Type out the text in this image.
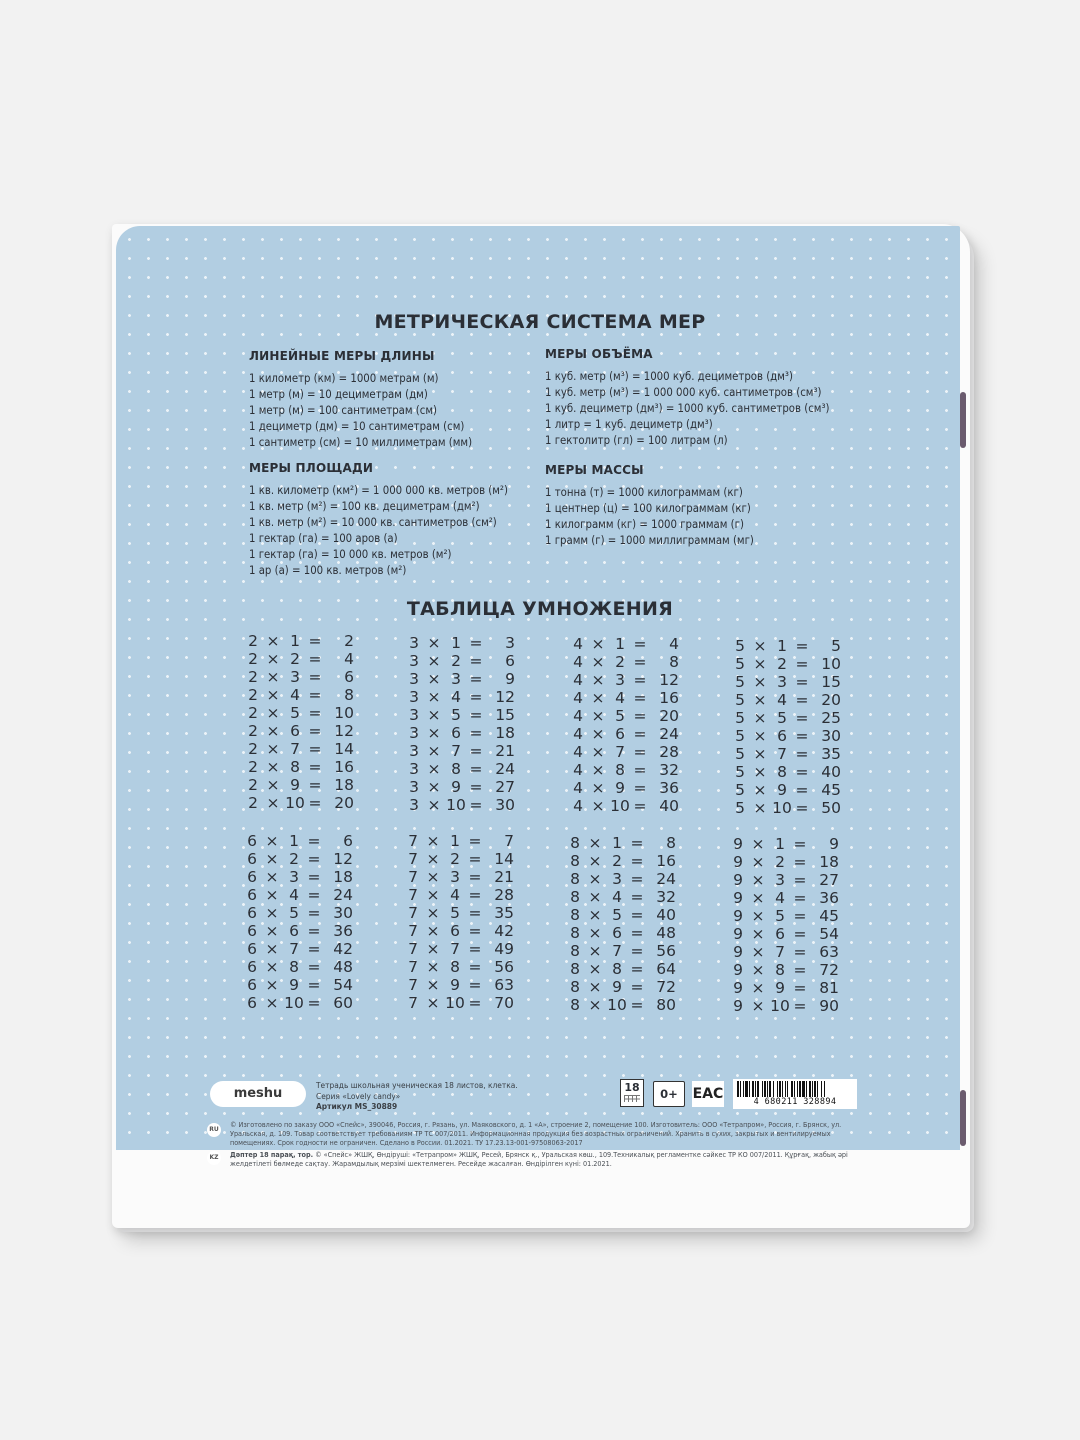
МЕТРИЧЕСКАЯ СИСТЕМА МЕР
ЛИНЕЙНЫЕ МЕРЫ ДЛИНЫ
1 километр (км) = 1000 метрам (м)
1 метр (м) = 10 дециметрам (дм)
1 метр (м) = 100 сантиметрам (см)
1 дециметр (дм) = 10 сантиметрам (см)
1 сантиметр (см) = 10 миллиметрам (мм)
МЕРЫ ПЛОЩАДИ
1 кв. километр (км²) = 1 000 000 кв. метров (м²)
1 кв. метр (м²) = 100 кв. дециметрам (дм²)
1 кв. метр (м²) = 10 000 кв. сантиметров (см²)
1 гектар (га) = 100 аров (а)
1 гектар (га) = 10 000 кв. метров (м²)
1 ар (а) = 100 кв. метров (м²)
МЕРЫ ОБЪЁМА
1 куб. метр (м³) = 1000 куб. дециметров (дм³)
1 куб. метр (м³) = 1 000 000 куб. сантиметров (см³)
1 куб. дециметр (дм³) = 1000 куб. сантиметров (см³)
1 литр = 1 куб. дециметр (дм³)
1 гектолитр (гл) = 100 литрам (л)
МЕРЫ МАССЫ
1 тонна (т) = 1000 килограммам (кг)
1 центнер (ц) = 100 килограммам (кг)
1 килограмм (кг) = 1000 граммам (г)
1 грамм (г) = 1000 миллиграммам (мг)
ТАБЛИЦА УМНОЖЕНИЯ
2 × 1 =	2
2 × 2 =	4
2 × 3 =	6
2 × 4 =	8
2 × 5 = 10
2 × 6 = 12
2 × 7 = 14
2 × 8 = 16
2 × 9 = 18
2 × 10 = 20
3 × 1 =	3
3 × 2 =	6
3 × 3 =	9
3 × 4 = 12
3 × 5 = 15
3 × 6 = 18
3 × 7 = 21
3 × 8 = 24
3 × 9 = 27
3 × 10 = 30
4 × 1 =	4
4 × 2 =	8
4 × 3 = 12
4 × 4 = 16
4 × 5 = 20
4 × 6 = 24
4 × 7 = 28
4 × 8 = 32
4 × 9 = 36
4 × 10 = 40
5 × 1 =	5
5 × 2 = 10
5 × 3 = 15
5 × 4 = 20
5 × 5 = 25
5 × 6 = 30
5 × 7 = 35
5 × 8 = 40
5 × 9 = 45
5 × 10 = 50
6 × 1 =	6
6 × 2 = 12
6 × 3 = 18
6 × 4 = 24
6 × 5 = 30
6 × 6 = 36
6 × 7 = 42
6 × 8 = 48
6 × 9 = 54
6 × 10 = 60
7 × 1 =	7
7 × 2 = 14
7 × 3 = 21
7 × 4 = 28
7 × 5 = 35
7 × 6 = 42
7 × 7 = 49
7 × 8 = 56
7 × 9 = 63
7 × 10 = 70
8 × 1 =	8
8 × 2 = 16
8 × 3 = 24
8 × 4 = 32
8 × 5 = 40
8 × 6 = 48
8 × 7 = 56
8 × 8 = 64
8 × 9 = 72
8 × 10 = 80
9 × 1 =	9
9 × 2 = 18
9 × 3 = 27
9 × 4 = 36
9 × 5 = 45
9 × 6 = 54
9 × 7 = 63
9 × 8 = 72
9 × 9 = 81
9 × 10 = 90
meshu
Тетрадь школьная ученическая 18 листов, клетка.
Серия «Lovely candy»
Артикул MS_30889
18	0+	EAC	4 680211 328894
RU
© Изготовлено по заказу ООО «Спейс», 390046, Россия, г. Рязань, ул. Маяковского, д. 1 «А», строение 2, помещение 100. Изготовитель: ООО «Тетрапром», Россия, г. Брянск, ул. Уральская, д. 109. Товар соответствует требованиям ТР ТС 007/2011. Информационная продукция без возрастных ограничений. Хранить в сухих, закрытых и вентилируемых помещениях. Срок годности не ограничен. Сделано в России. 01.2021. ТУ 17.23.13-001-97508063-2017
KZ	Дәптер 18 парақ, тор. © «Спейс» ЖШҚ, Өндіруші: «Тетрапром» ЖШҚ, Ресей, Брянск қ., Уральская көш., 109.Техникалық регламентке сәйкес ТР КО 007/2011. Құрғақ, жабық әрі желдетілеті бөлмеде сақтау. Жарамдылық мерзімі шектелмеген. Ресейде жасалған. Өндірілген күні: 01.2021.
